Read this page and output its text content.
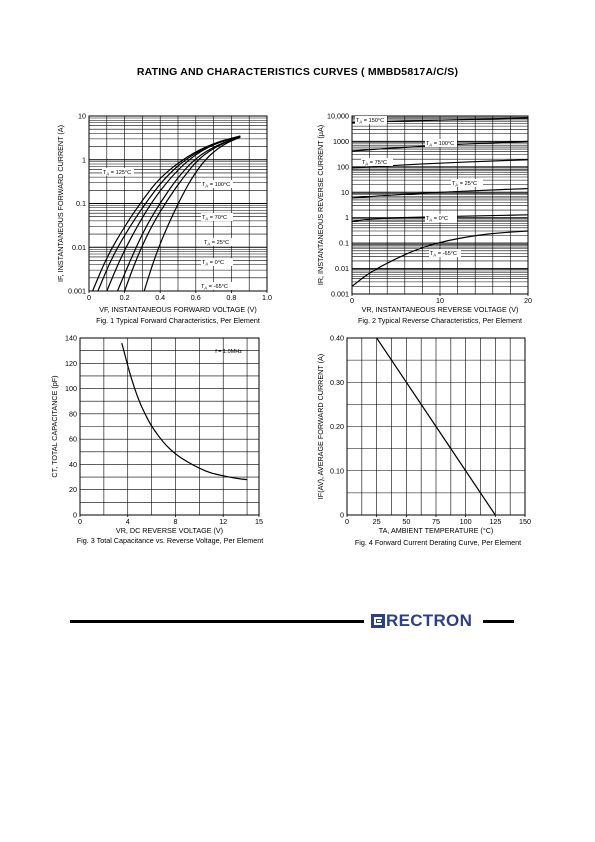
RATING AND CHARACTERISTICS CURVES ( MMBD5817A/C/S)
0	0.2	0.4	0.6	0.8	1.0
0.001
0.01
0.1
1
10
VF, INSTANTANEOUS FORWARD VOLTAGE (V)
IF, INSTANTANEOUS FORWARD CURRENT (A)
Fig. 1 Typical Forward Characteristics, Per Element
$T_A = 125^\circ C$
$T_A = 100^\circ C$
$T_A = 70^\circ C$
$T_A = 25^\circ C$
$T_A = 0^\circ C$
$T_A = -65^\circ C$
0	10	20
0.001
0.01
0.1
1
10
100
1000
10,000
VR, INSTANTANEOUS REVERSE VOLTAGE (V)
IR, INSTANTANEOUS REVERSE CURRENT (μA)
Fig. 2 Typical Reverse Characteristics, Per Element
$T_A = 150^\circ C$
$T_A = 100^\circ C$
$T_A = 75^\circ C$
$T_A = 25^\circ C$
$T_A = 0^\circ C$
$T_A = -65^\circ C$
0	4	8	12	15
0
20
40
60
80
100
120
140
VR, DC REVERSE VOLTAGE (V)
CT, TOTAL CAPACITANCE (pF)
Fig. 3 Total Capacitance vs. Reverse Voltage, Per Element
f = 1.0MHz
0	25	50	75	100 125 150
0
0.10
0.20
0.30
0.40
TA, AMBIENT TEMPERATURE (°C)
IF(AV), AVERAGE FORWARD CURRENT (A)
Fig. 4 Forward Current Derating Curve, Per Element
RECTRON
